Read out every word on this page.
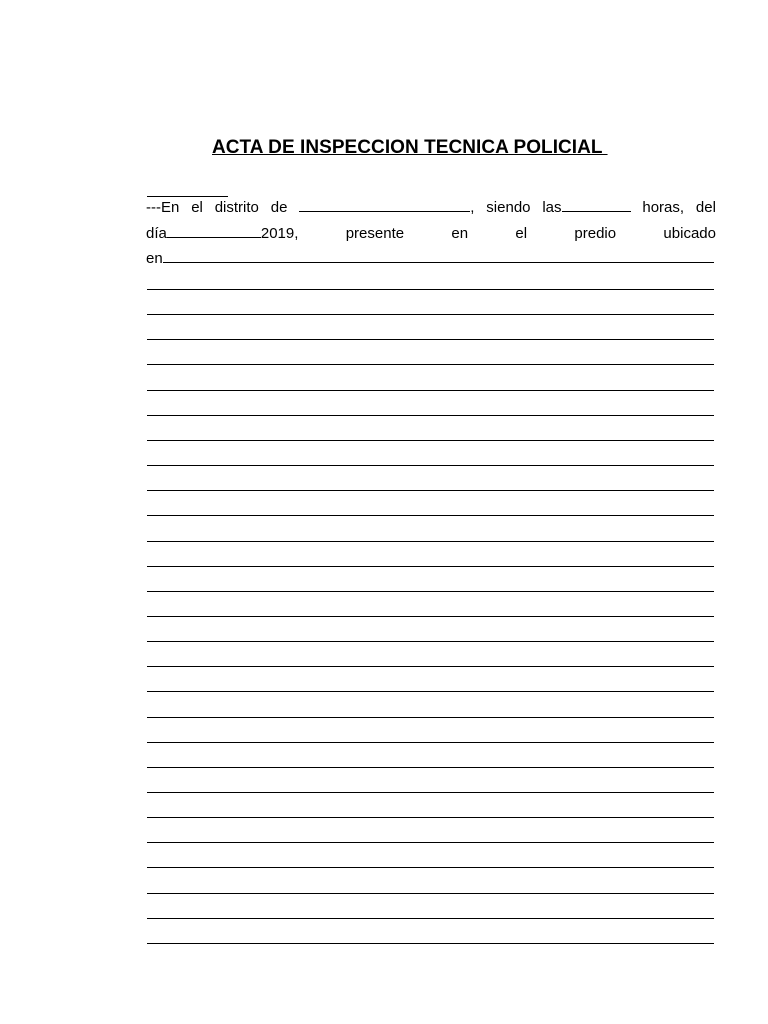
ACTA DE INSPECCION TECNICA POLICIAL
---En el distrito de	, siendo las	horas, del
día	2019,	presente	en	el	predio	ubicado
en
